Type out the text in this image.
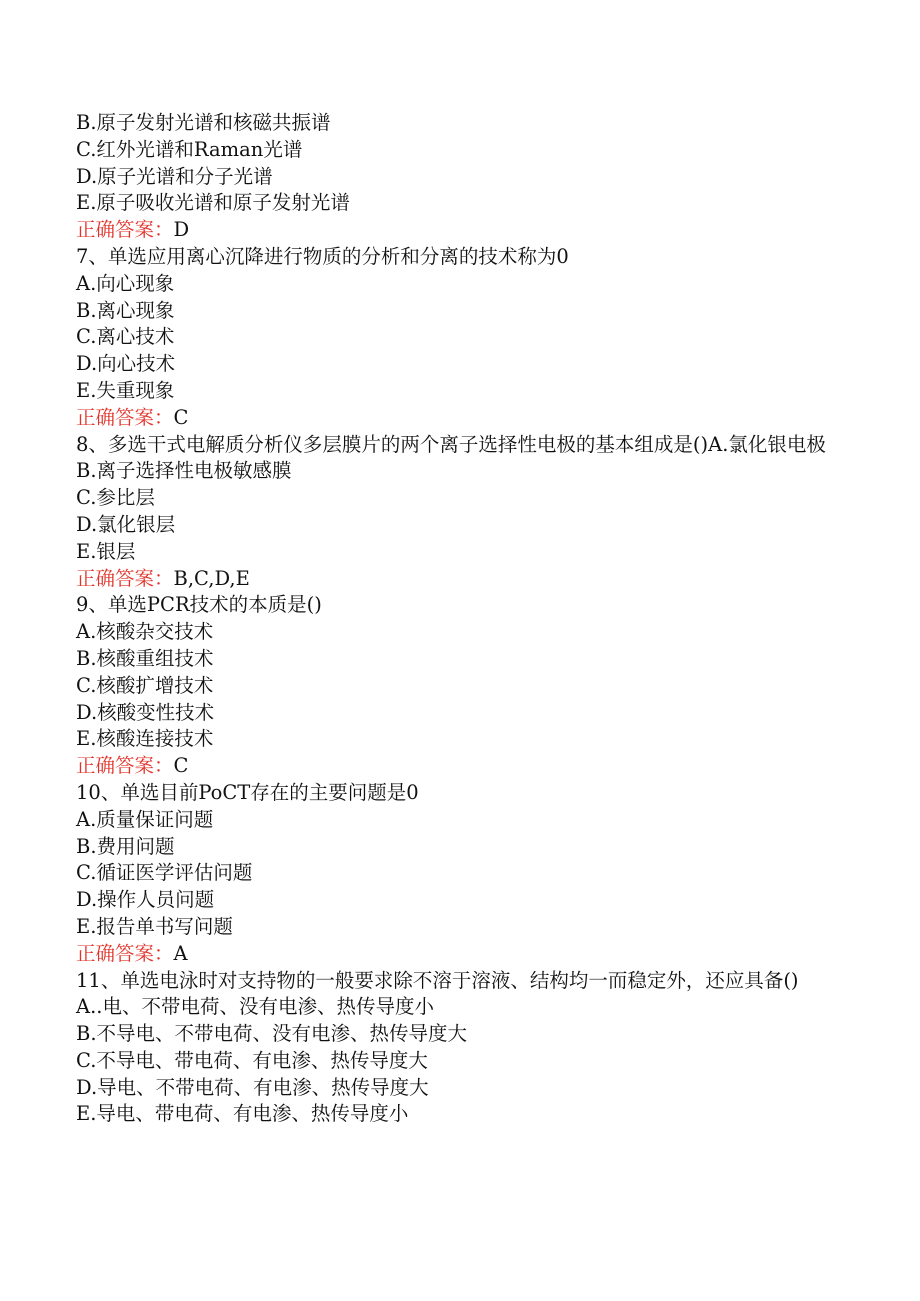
B.原子发射光谱和核磁共振谱

C.红外光谱和Raman光谱

D.原子光谱和分子光谱

E.原子吸收光谱和原子发射光谱

正确答案：D

7、单选应用离心沉降进行物质的分析和分离的技术称为0

A.向心现象

B.离心现象

C.离心技术

D.向心技术

E.失重现象

正确答案：C

8、多选干式电解质分析仪多层膜片的两个离子选择性电极的基本组成是()A.氯化银电极

B.离子选择性电极敏感膜

C.参比层

D.氯化银层

E.银层

正确答案：B,C,D,E

9、单选PCR技术的本质是()

A.核酸杂交技术

B.核酸重组技术

C.核酸扩增技术

D.核酸变性技术

E.核酸连接技术

正确答案：C

10、单选目前PoCT存在的主要问题是0

A.质量保证问题

B.费用问题

C.循证医学评估问题

D.操作人员问题

E.报告单书写问题

正确答案：A

11、单选电泳时对支持物的一般要求除不溶于溶液、结构均一而稳定外，还应具备()

A..电、不带电荷、没有电渗、热传导度小

B.不导电、不带电荷、没有电渗、热传导度大

C.不导电、带电荷、有电渗、热传导度大

D.导电、不带电荷、有电渗、热传导度大

E.导电、带电荷、有电渗、热传导度小
